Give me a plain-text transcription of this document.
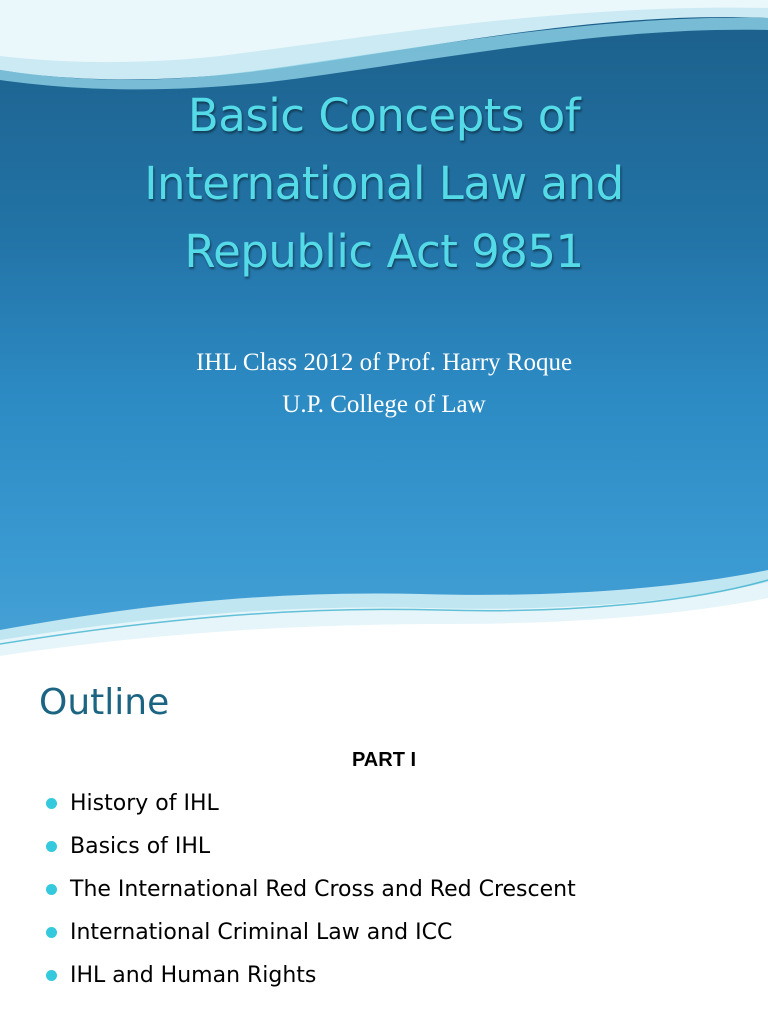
Basic Concepts of
International Law and
Republic Act 9851
IHL Class 2012 of Prof. Harry Roque
U.P. College of Law
Outline
PART I
History of IHL
Basics of IHL
The International Red Cross and Red Crescent
International Criminal Law and ICC
IHL and Human Rights
